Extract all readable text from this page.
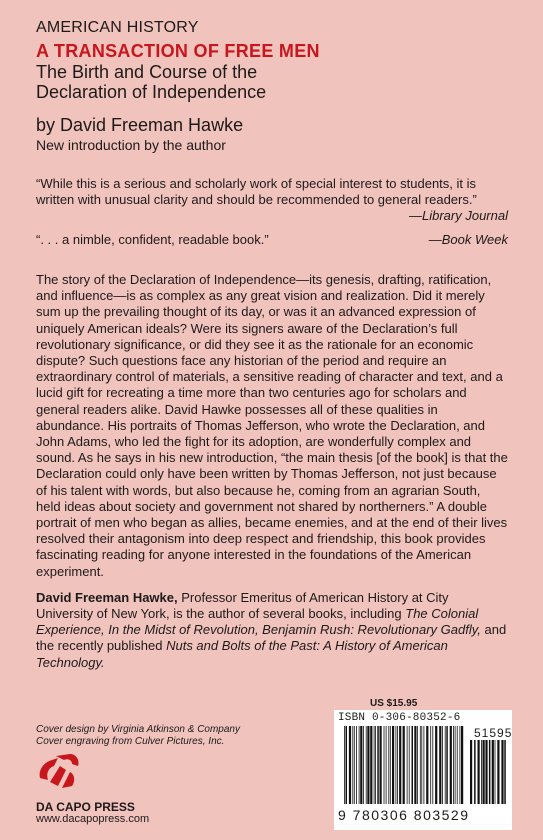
AMERICAN HISTORY

A TRANSACTION OF FREE MEN

The Birth and Course of the

Declaration of Independence

by David Freeman Hawke

New introduction by the author

“While this is a serious and scholarly work of special interest to students, it is written with unusual clarity and should be recommended to general readers.”
—Library Journal
“. . . a nimble, confident, readable book.”	—Book Week

The story of the Declaration of Independence—its genesis, drafting, ratification, and influence—is as complex as any great vision and realization. Did it merely sum up the prevailing thought of its day, or was it an advanced expression of uniquely American ideals? Were its signers aware of the Declaration’s full revolutionary significance, or did they see it as the rationale for an economic dispute? Such questions face any historian of the period and require an extraordinary control of materials, a sensitive reading of character and text, and a lucid gift for recreating a time more than two centuries ago for scholars and general readers alike. David Hawke possesses all of these qualities in abundance. His portraits of Thomas Jefferson, who wrote the Declaration, and John Adams, who led the fight for its adoption, are wonderfully complex and sound. As he says in his new introduction, “the main thesis [of the book] is that the Declaration could only have been written by Thomas Jefferson, not just because of his talent with words, but also because he, coming from an agrarian South, held ideas about society and government not shared by northerners.” A double portrait of men who began as allies, became enemies, and at the end of their lives resolved their antagonism into deep respect and friendship, this book provides fascinating reading for anyone interested in the foundations of the American experiment.

David Freeman Hawke, Professor Emeritus of American History at City University of New York, is the author of several books, including The Colonial Experience, In the Midst of Revolution, Benjamin Rush: Revolutionary Gadfly, and the recently published Nuts and Bolts of the Past: A History of American Technology.

Cover design by Virginia Atkinson & Company
Cover engraving from Culver Pictures, Inc.
DA CAPO PRESS
www.dacapopress.com
US $15.95
ISBN 0-306-80352-6
51595
9 780306 803529
